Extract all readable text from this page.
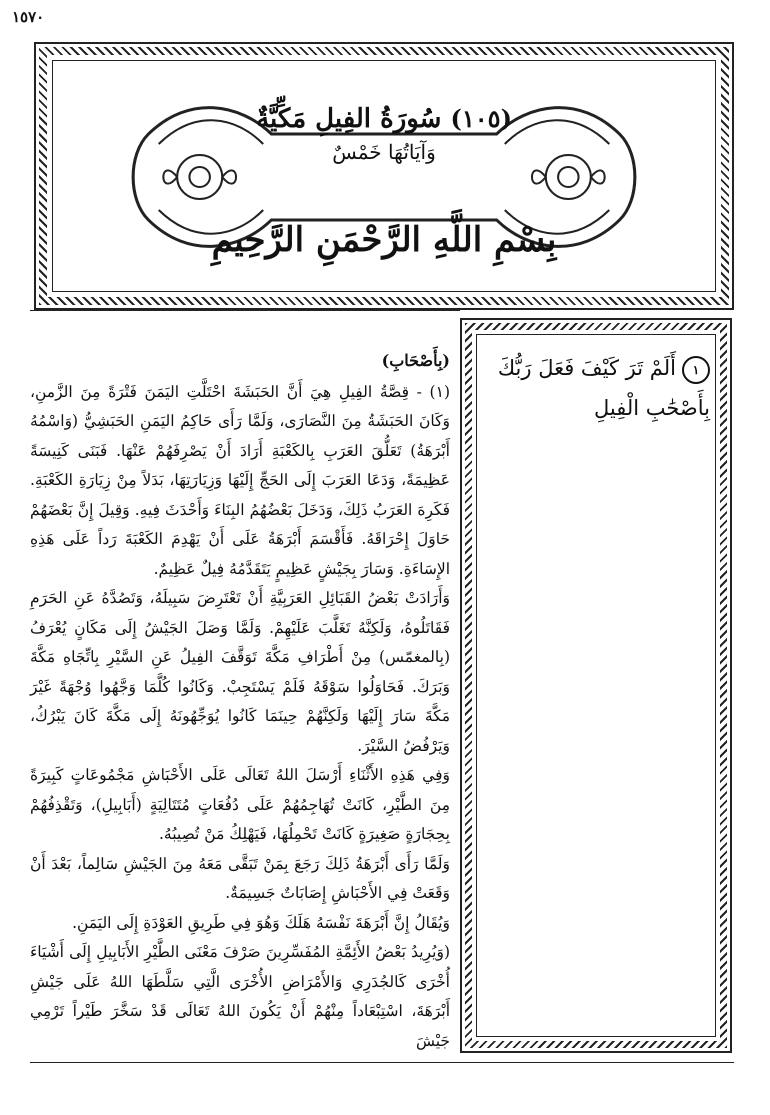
١٥٧٠
(١٠٥) سُورَةُ الفِيلِ مَكِّيَّةٌ
وَآيَاتُهَا خَمْسٌ
بِسْمِ اللَّهِ الرَّحْمَنِ الرَّحِيمِ
١أَلَمْ تَرَ كَيْفَ فَعَلَ رَبُّكَ بِأَصْحَٰبِ الْفِيلِ
(بِأَصْحَابِ)

(١) - قِصَّةُ الفِيلِ هِيَ أَنَّ الحَبَشَةَ احْتَلَّتِ اليَمَنَ فَتْرَةً مِنَ الزَّمنِ، وَكَانَ الحَبَشَةُ مِنَ النَّصَارَى، وَلَمَّا رَأَى حَاكِمُ اليَمَنِ الحَبَشِيُّ (وَاسْمُهُ أَبْرَهَةُ) تَعَلُّقَ العَرَبِ بِالكَعْبَةِ أَرَادَ أَنْ يَصْرِفَهُمْ عَنْهَا. فَبَنَى كَنِيسَةً عَظِيمَةً، وَدَعَا العَرَبَ إِلَى الحَجِّ إِلَيْهَا وَزِيَارَتِهَا، بَدَلاً مِنْ زِيَارَةِ الكَعْبَةِ. فَكَرِهَ العَرَبُ ذَلِكَ، وَدَخَلَ بَعْضُهُمُ البِنَاءَ وَأَحْدَثَ فِيهِ. وَقِيلَ إِنَّ بَعْضَهُمْ حَاوَلَ إِحْرَاقَهُ. فَأَقْسَمَ أَبْرَهَةُ عَلَى أَنْ يَهْدِمَ الكَعْبَةَ رَداً عَلَى هَذِهِ الإِسَاءَةِ. وَسَارَ بِجَيْشٍ عَظِيمٍ يَتَقَدَّمُهُ فِيلٌ عَظِيمٌ.

وَأَرَادَتْ بَعْضُ القَبَائِلِ العَرَبِيَّةِ أَنْ تَعْتَرِضَ سَبِيلَهُ، وَتَصُدَّهُ عَنِ الحَرَمِ فَقَاتَلُوهُ، وَلَكِنَّهُ تَغَلَّبَ عَلَيْهِمْ. وَلَمَّا وَصَلَ الجَيْشُ إِلَى مَكَانٍ يُعْرَفُ (بِالمغمّس) مِنْ أَطْرَافِ مَكَّةَ تَوَقَّفَ الفِيلُ عَنِ السَّيْرِ بِاتِّجَاهِ مَكَّةَ وَبَرَكَ. فَحَاوَلُوا سَوْقَهُ فَلَمْ يَسْتَجِبْ. وَكَانُوا كُلَّمَا وَجَّهُوا وُجْهَةً غَيْرَ مَكَّةَ سَارَ إِلَيْهَا وَلَكِنَّهُمْ حِينَمَا كَانُوا يُوَجِّهُونَهُ إِلَى مَكَّةَ كَانَ يَبْرُكُ، وَيَرْفُضُ السَّيْرَ.

وَفِي هَذِهِ الأَثْنَاءِ أَرْسَلَ اللهُ تَعَالَى عَلَى الأَحْبَاشِ مَجْمُوعَاتٍ كَبِيرَةً مِنَ الطَّيْرِ، كَانَتْ تُهَاجِمُهُمْ عَلَى دُفُعَاتٍ مُتَتَالِيَةٍ (أَبَابِيلِ)، وَتَقْذِفُهُمْ بِحِجَارَةٍ صَغِيرَةٍ كَانَتْ تَحْمِلُهَا، فَيَهْلِكُ مَنْ تُصِيبُهُ.

وَلَمَّا رَأَى أَبْرَهَةُ ذَلِكَ رَجَعَ بِمَنْ تَبَقَّى مَعَهُ مِنَ الجَيْشِ سَالِماً، بَعْدَ أَنْ وَقَعَتْ فِي الأَحْبَاشِ إِصَابَاتٌ جَسِيمَةٌ.

وَيُقَالُ إِنَّ أَبْرَهَةَ نَفْسَهُ هَلَكَ وَهُوَ فِي طَرِيقِ العَوْدَةِ إِلَى اليَمَنِ.

(وَيُرِيدُ بَعْضُ الأَئِمَّةِ المُفَسِّرِينَ صَرْفَ مَعْنَى الطَّيْرِ الأَبَابِيلِ إِلَى أَشْيَاءَ أُخْرَى كَالجُدَرِي وَالأَمْرَاضِ الأُخْرَى الَّتِي سَلَّطَهَا اللهُ عَلَى جَيْشِ أَبْرَهَةَ، اسْتِبْعَاداً مِنْهُمْ أَنْ يَكُونَ اللهُ تَعَالَى قَدْ سَخَّرَ طَيْراً تَرْمِي جَيْشَ
